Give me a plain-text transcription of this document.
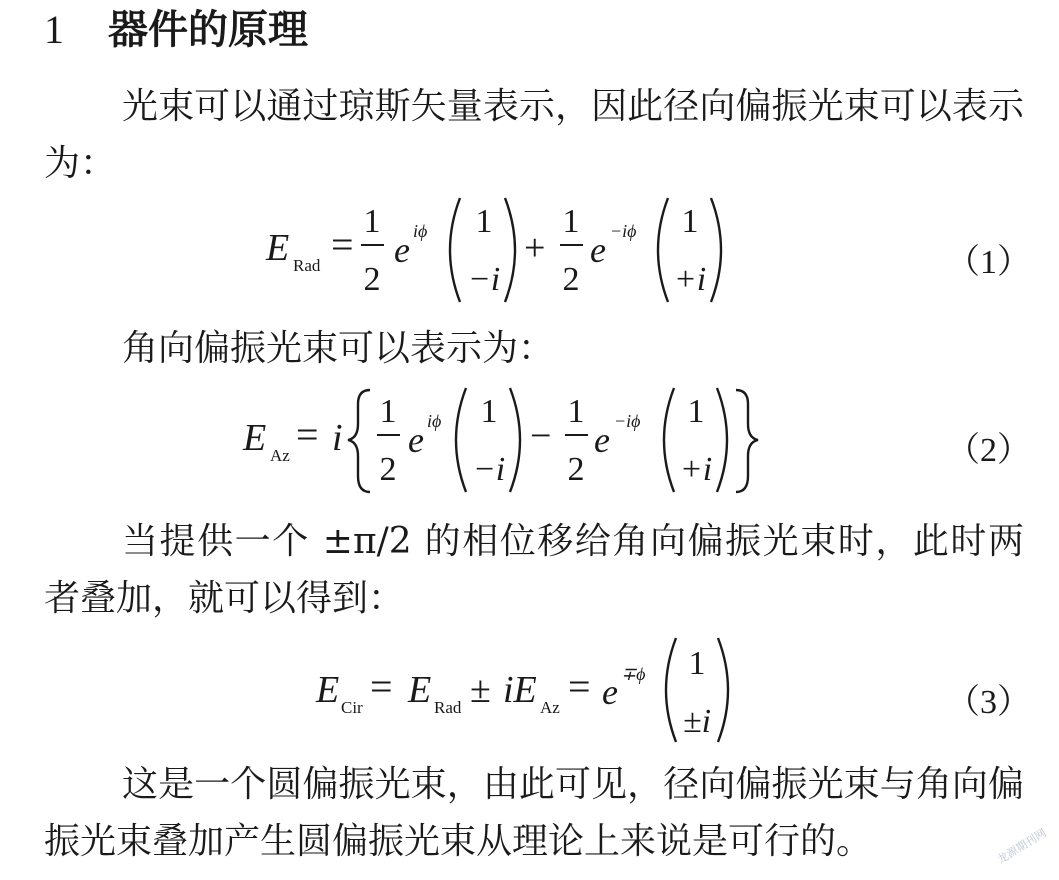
1 器件的原理

光束可以通过琼斯矢量表示，因此径向偏振光束可以表示为：

E Rad =
1
2
e iϕ 1
−i
+
1
2
e −iϕ 1
+i	（1）

角向偏振光束可以表示为：

E Az = i
1
2
e iϕ 1
−i
−
1
2
e −iϕ 1
+i
（2）

当提供一个 ±π/2 的相位移给角向偏振光束时，此时两者叠加，就可以得到：

E Cir = E Rad ± iE Az = e ∓ϕ 1
±i
（3）

这是一个圆偏振光束，由此可见，径向偏振光束与角向偏振光束叠加产生圆偏振光束从理论上来说是可行的。	龙源期刊网
